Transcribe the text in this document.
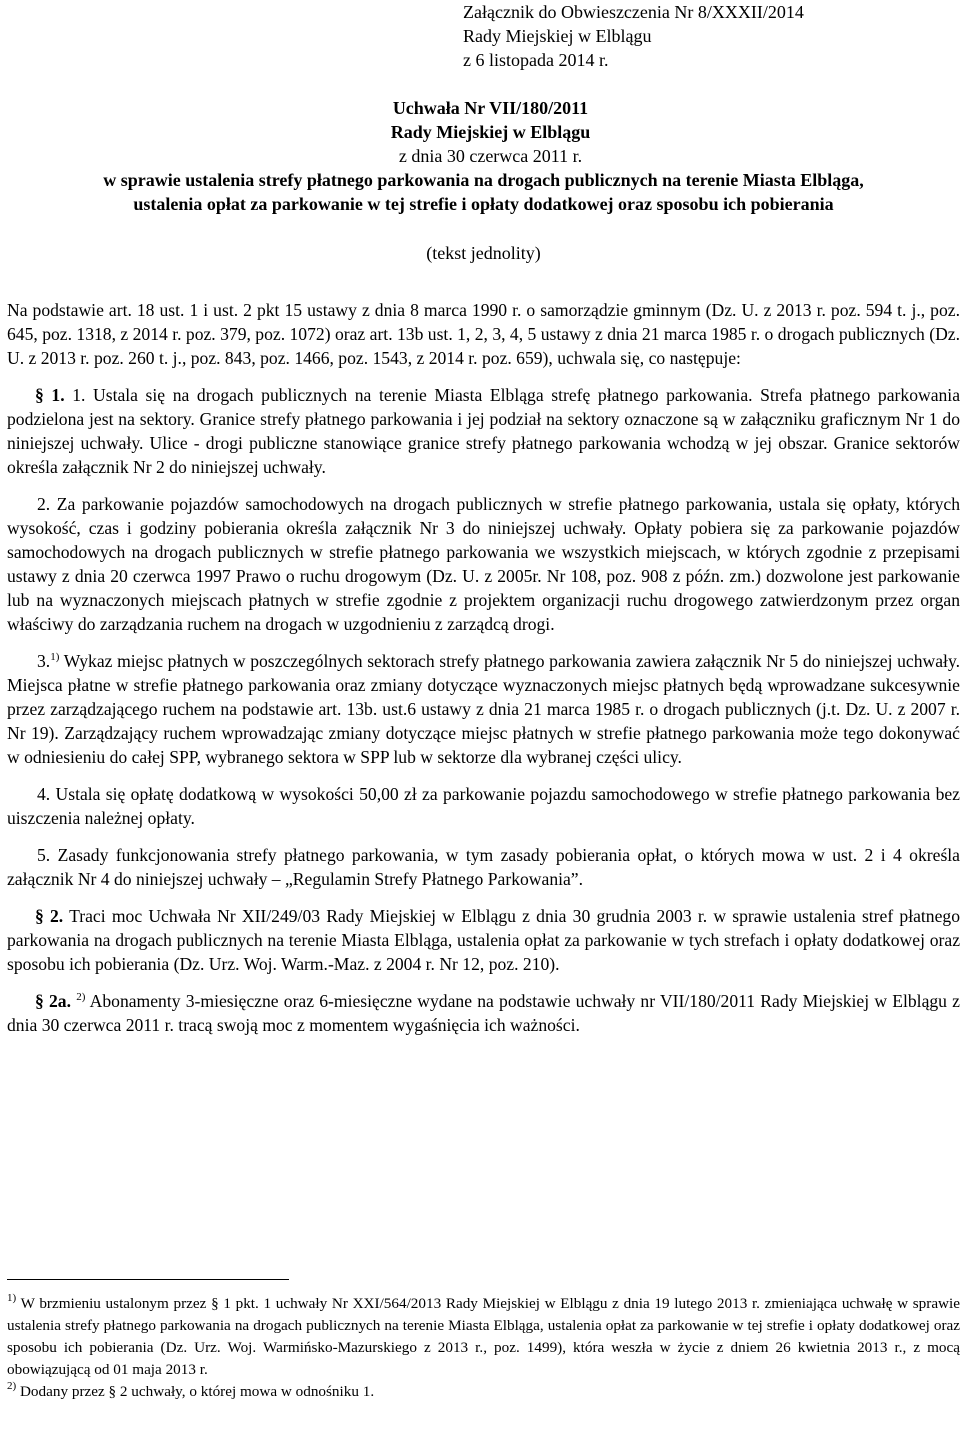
Załącznik do Obwieszczenia Nr 8/XXXII/2014
Rady Miejskiej w Elblągu
z 6 listopada 2014 r.
Uchwała Nr VII/180/2011
Rady Miejskiej w Elblągu
z dnia 30 czerwca 2011 r.
w sprawie ustalenia strefy płatnego parkowania na drogach publicznych na terenie Miasta Elbląga,
ustalenia opłat za parkowanie w tej strefie i opłaty dodatkowej oraz sposobu ich pobierania
(tekst jednolity)

Na podstawie art. 18 ust. 1 i ust. 2 pkt 15 ustawy z dnia 8 marca 1990 r. o samorządzie gminnym (Dz. U. z 2013 r. poz. 594 t. j., poz. 645, poz. 1318, z 2014 r. poz. 379, poz. 1072) oraz art. 13b ust. 1, 2, 3, 4, 5 ustawy z dnia 21 marca 1985 r. o drogach publicznych (Dz. U. z 2013 r. poz. 260 t. j., poz. 843, poz. 1466, poz. 1543, z 2014 r. poz. 659), uchwala się, co następuje:

§ 1. 1. Ustala się na drogach publicznych na terenie Miasta Elbląga strefę płatnego parkowania. Strefa płatnego parkowania podzielona jest na sektory. Granice strefy płatnego parkowania i jej podział na sektory oznaczone są w załączniku graficznym Nr 1 do niniejszej uchwały. Ulice - drogi publiczne stanowiące granice strefy płatnego parkowania wchodzą w jej obszar. Granice sektorów określa załącznik Nr 2 do niniejszej uchwały.

2. Za parkowanie pojazdów samochodowych na drogach publicznych w strefie płatnego parkowania, ustala się opłaty, których wysokość, czas i godziny pobierania określa załącznik Nr 3 do niniejszej uchwały. Opłaty pobiera się za parkowanie pojazdów samochodowych na drogach publicznych w strefie płatnego parkowania we wszystkich miejscach, w których zgodnie z przepisami ustawy z dnia 20 czerwca 1997 Prawo o ruchu drogowym (Dz. U. z 2005r. Nr 108, poz. 908 z późn. zm.) dozwolone jest parkowanie lub na wyznaczonych miejscach płatnych w strefie zgodnie z projektem organizacji ruchu drogowego zatwierdzonym przez organ właściwy do zarządzania ruchem na drogach w uzgodnieniu z zarządcą drogi.

3.$^{1)}$ Wykaz miejsc płatnych w poszczególnych sektorach strefy płatnego parkowania zawiera załącznik Nr 5 do niniejszej uchwały. Miejsca płatne w strefie płatnego parkowania oraz zmiany dotyczące wyznaczonych miejsc płatnych będą wprowadzane sukcesywnie przez zarządzającego ruchem na podstawie art. 13b. ust.6 ustawy z dnia 21 marca 1985 r. o drogach publicznych (j.t. Dz. U. z 2007 r. Nr 19). Zarządzający ruchem wprowadzając zmiany dotyczące miejsc płatnych w strefie płatnego parkowania może tego dokonywać w odniesieniu do całej SPP, wybranego sektora w SPP lub w sektorze dla wybranej części ulicy.

4. Ustala się opłatę dodatkową w wysokości 50,00 zł za parkowanie pojazdu samochodowego w strefie płatnego parkowania bez uiszczenia należnej opłaty.

5. Zasady funkcjonowania strefy płatnego parkowania, w tym zasady pobierania opłat, o których mowa w ust. 2 i 4 określa załącznik Nr 4 do niniejszej uchwały – „Regulamin Strefy Płatnego Parkowania”.

§ 2. Traci moc Uchwała Nr XII/249/03 Rady Miejskiej w Elblągu z dnia 30 grudnia 2003 r. w sprawie ustalenia stref płatnego parkowania na drogach publicznych na terenie Miasta Elbląga, ustalenia opłat za parkowanie w tych strefach i opłaty dodatkowej oraz sposobu ich pobierania (Dz. Urz. Woj. Warm.-Maz. z 2004 r. Nr 12, poz. 210).

§ 2a. $^{2)}$ Abonamenty 3-miesięczne oraz 6-miesięczne wydane na podstawie uchwały nr VII/180/2011 Rady Miejskiej w Elblągu z dnia 30 czerwca 2011 r. tracą swoją moc z momentem wygaśnięcia ich ważności.

$^{1)}$ W brzmieniu ustalonym przez § 1 pkt. 1 uchwały Nr XXI/564/2013 Rady Miejskiej w Elblągu z dnia 19 lutego 2013 r. zmieniająca uchwałę w sprawie ustalenia strefy płatnego parkowania na drogach publicznych na terenie Miasta Elbląga, ustalenia opłat za parkowanie w tej strefie i opłaty dodatkowej oraz sposobu ich pobierania (Dz. Urz. Woj. Warmińsko-Mazurskiego z 2013 r., poz. 1499), która weszła w życie z dniem 26 kwietnia 2013 r., z mocą obowiązującą od 01 maja 2013 r.

$^{2)}$ Dodany przez § 2 uchwały, o której mowa w odnośniku 1.
